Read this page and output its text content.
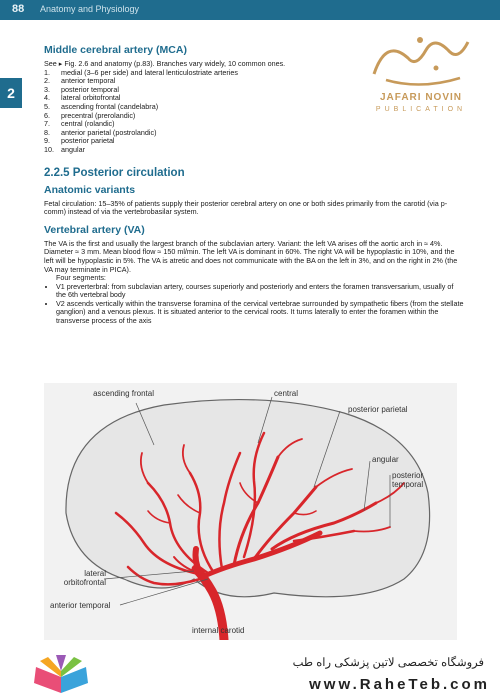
88 Anatomy and Physiology
2	JAFARI NOVIN
PUBLICATION
Middle cerebral artery (MCA)

See ▸ Fig. 2.6 and anatomy (p.83). Branches vary widely, 10 common ones.

1. medial (3–6 per side) and lateral lenticulostriate arteries
2. anterior temporal
3. posterior temporal
4. lateral orbitofrontal
5. ascending frontal (candelabra)
6. precentral (prerolandic)
7. central (rolandic)
8. anterior parietal (postrolandic)
9. posterior parietal
10. angular
2.2.5 Posterior circulation
Anatomic variants

Fetal circulation: 15–35% of patients supply their posterior cerebral artery on one or both sides primarily from the carotid (via p-comm) instead of via the vertebrobasilar system.

Vertebral artery (VA)

The VA is the first and usually the largest branch of the subclavian artery. Variant: the left VA arises off the aortic arch in ≈ 4%. Diameter ≈ 3 mm. Mean blood flow ≈ 150 ml/min. The left VA is dominant in 60%. The right VA will be hypoplastic in 10%, and the left will be hypoplastic in 5%. The VA is atretic and does not communicate with the BA on the left in 3%, and on the right in 2% (the VA may terminate in PICA).

Four segments:

• V1 preverterbral: from subclavian artery, courses superiorly and posteriorly and enters the foramen transversarium, usually of the 6th vertebral body
• V2 ascends vertically within the transverse foramina of the cervical vertebrae surrounded by sympathetic fibers (from the stellate ganglion) and a venous plexus. It is situated anterior to the cervical roots. It turns laterally to enter the foramen within the transverse process of the axis
ascending frontal	central
posterior parietal
angular
posterior temporal
lateral orbitofrontal
anterior temporal
internal carotid
فروشگاه تخصصی لاتین پزشکی راه طب
www.RaheTeb.com
